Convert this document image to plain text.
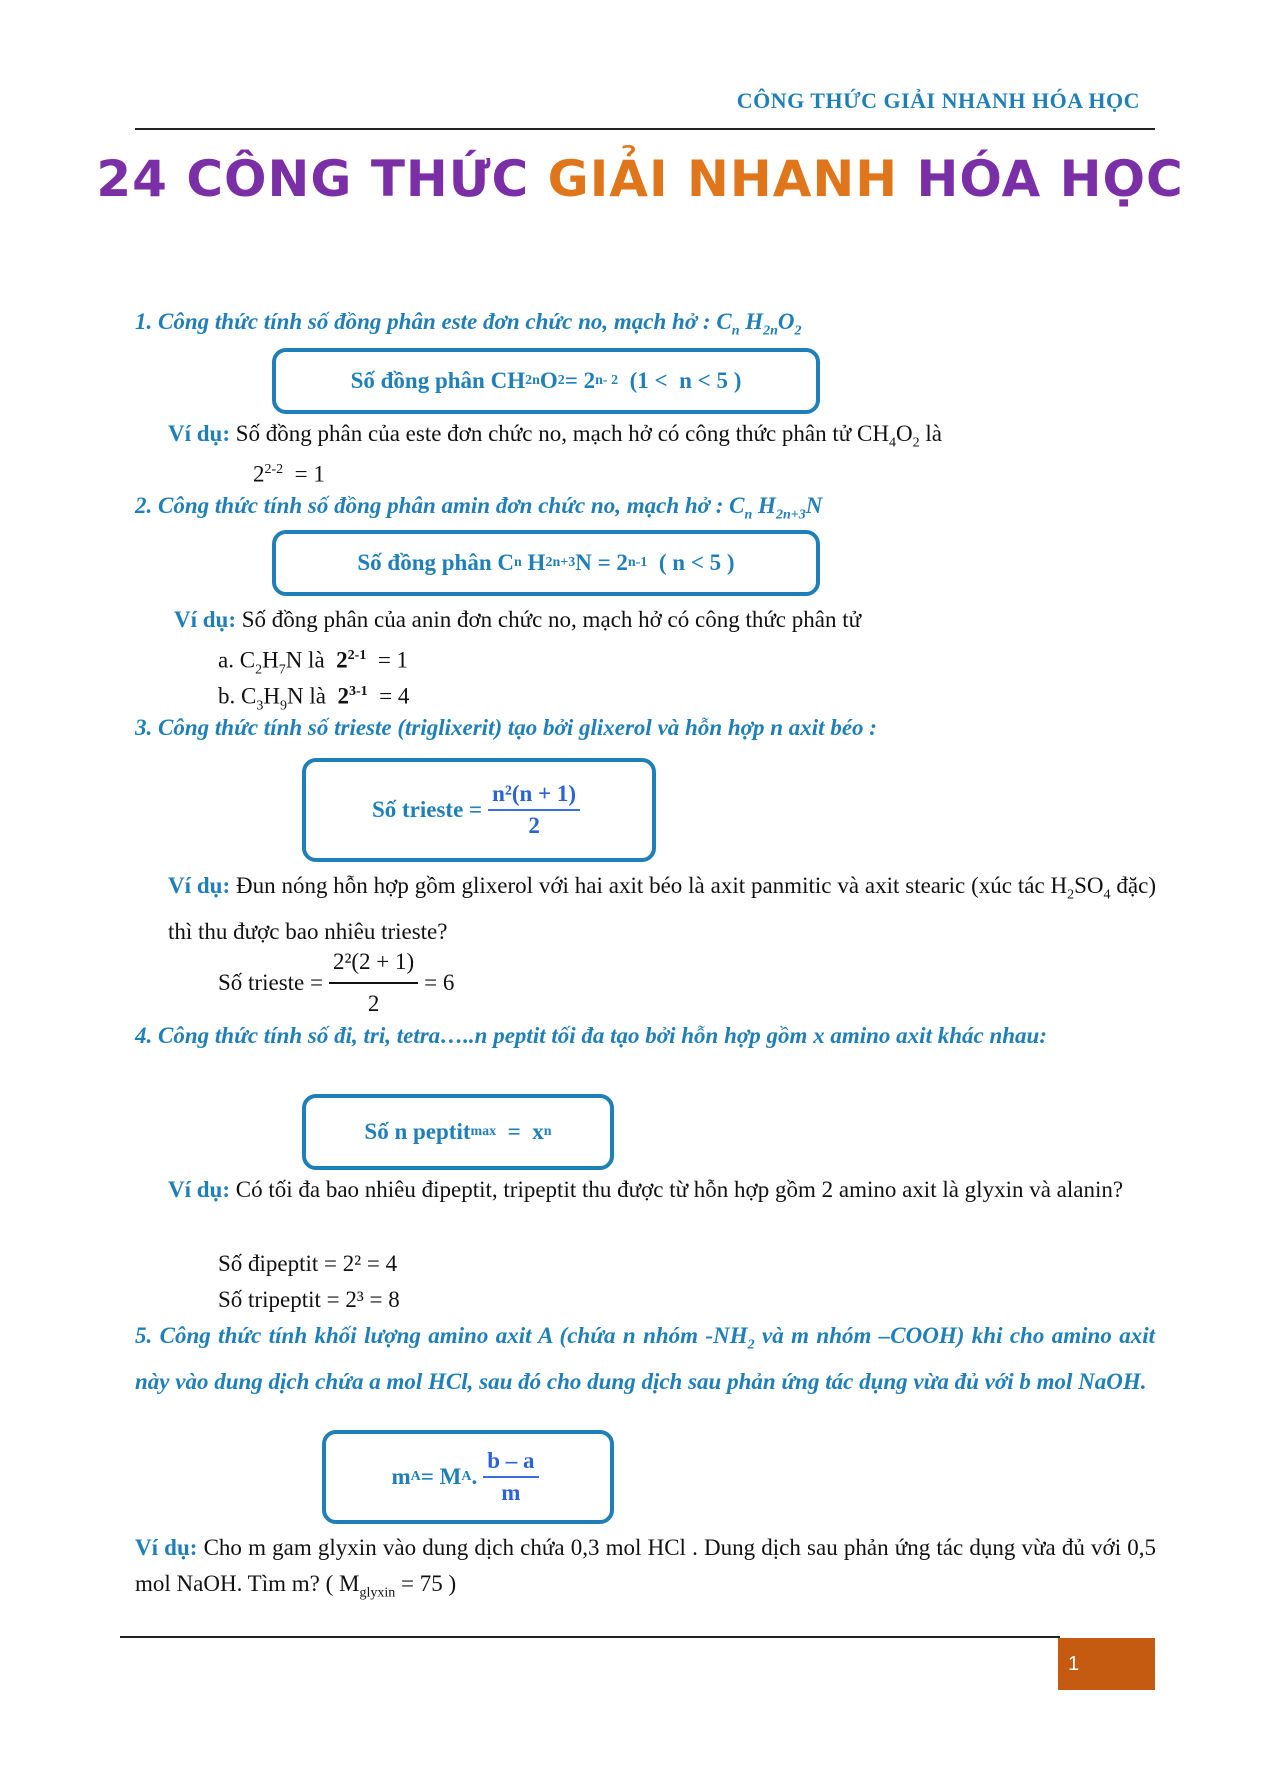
CÔNG THỨC GIẢI NHANH HÓA HỌC
24 CÔNG THỨC GIẢI NHANH HÓA HỌC
1. Công thức tính số đồng phân este đơn chức no, mạch hở : $C_n$ $H_{2n}O_2$
Số đồng phân C H 2n O 2 = 2 n- 2 (1 <  n < 5 )
Ví dụ: Số đồng phân của este đơn chức no, mạch hở có công thức phân tử $CH_4O_2$ là
2$^{2-2}$  = 1
2. Công thức tính số đồng phân amin đơn chức no, mạch hở : $C_n$ $H_{2n+3}N$
Số đồng phân C n H 2n+3 N = 2 n-1 ( n < 5 )
Ví dụ: Số đồng phân của anin đơn chức no, mạch hở có công thức phân tử
a. $C_2H_7N$ là  2$^{2-1}$  = 1
b. $C_3H_9N$ là  2$^{3-1}$  = 4
3. Công thức tính số trieste (triglixerit) tạo bởi glixerol và hỗn hợp n axit béo :
Số trieste = $\frac{\text{n²(n + 1)}}{2}$
Ví dụ: Đun nóng hỗn hợp gồm glixerol với hai axit béo là axit panmitic và axit stearic (xúc tác $H_2SO_4$ đặc) thì thu được bao nhiêu trieste?
Số trieste = $\frac{\text{2²(2 + 1)}}{2} = 6$
4. Công thức tính số đi, tri, tetra…..n peptit tối đa tạo bởi hỗn hợp gồm x amino axit khác nhau:
Số n peptit max =  x n
Ví dụ: Có tối đa bao nhiêu đipeptit, tripeptit thu được từ hỗn hợp gồm 2 amino axit là glyxin và alanin?
Số đipeptit = 2² = 4
Số tripeptit = 2³ = 8
5. Công thức tính khối lượng amino axit A (chứa n nhóm $-NH_2$ và m nhóm –COOH) khi cho amino axit này vào dung dịch chứa a mol HCl, sau đó cho dung dịch sau phản ứng tác dụng vừa đủ với b mol NaOH.
m A = M A . $\frac{b - a}{m}$
Ví dụ: Cho m gam glyxin vào dung dịch chứa 0,3 mol HCl . Dung dịch sau phản ứng tác dụng vừa đủ với 0,5 mol NaOH. Tìm m? ( $M_{glyxin} = 75$ )
1
